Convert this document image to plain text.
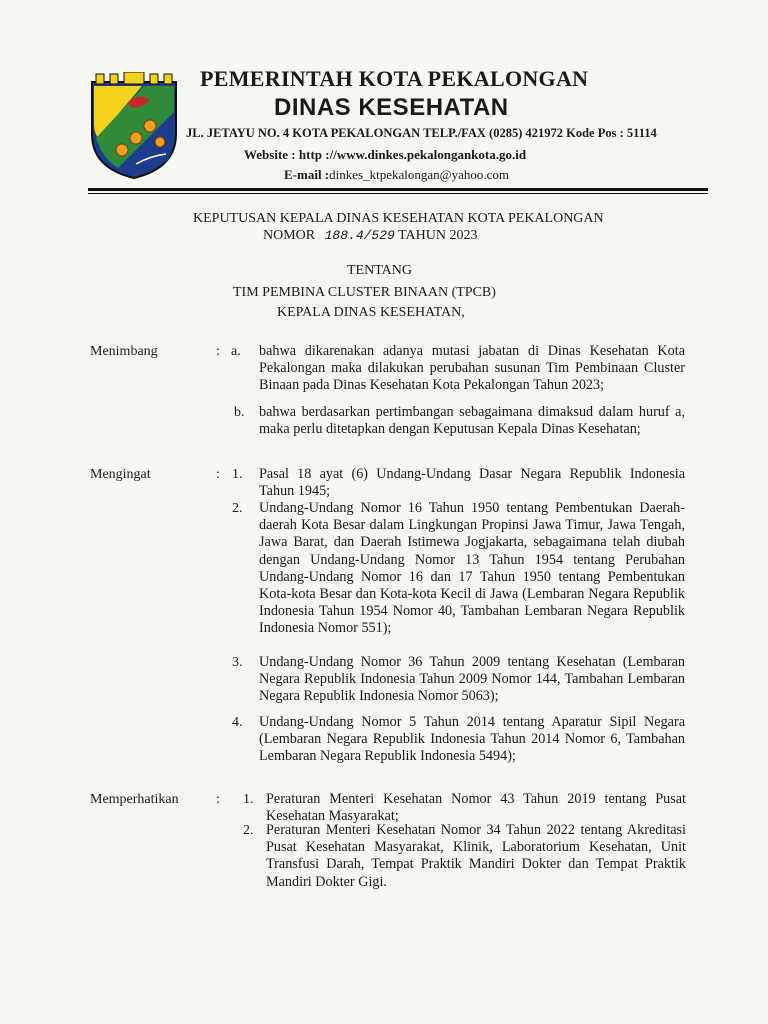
PEMERINTAH KOTA PEKALONGAN
DINAS KESEHATAN
JL. JETAYU NO. 4 KOTA PEKALONGAN TELP./FAX (0285) 421972 Kode Pos : 51114
Website : http ://www.dinkes.pekalongankota.go.id
E-mail :dinkes_ktpekalongan@yahoo.com
KEPUTUSAN KEPALA DINAS KESEHATAN KOTA PEKALONGAN
NOMOR 188.4/529 TAHUN 2023
TENTANG
TIM PEMBINA CLUSTER BINAAN (TPCB)
KEPALA DINAS KESEHATAN,
Menimbang	: a. bahwa dikarenakan adanya mutasi jabatan di Dinas Kesehatan Kota Pekalongan maka dilakukan perubahan susunan Tim Pembinaan Cluster Binaan pada Dinas Kesehatan Kota Pekalongan Tahun 2023;
b. bahwa berdasarkan pertimbangan sebagaimana dimaksud dalam huruf a, maka perlu ditetapkan dengan Keputusan Kepala Dinas Kesehatan;
Mengingat	: 1. Pasal 18 ayat (6) Undang-Undang Dasar Negara Republik Indonesia Tahun 1945;
2. Undang-Undang Nomor 16 Tahun 1950 tentang Pembentukan Daerah-daerah Kota Besar dalam Lingkungan Propinsi Jawa Timur, Jawa Tengah, Jawa Barat, dan Daerah Istimewa Jogjakarta, sebagaimana telah diubah dengan Undang-Undang Nomor 13 Tahun 1954 tentang Perubahan Undang-Undang Nomor 16 dan 17 Tahun 1950 tentang Pembentukan Kota-kota Besar dan Kota-kota Kecil di Jawa (Lembaran Negara Republik Indonesia Tahun 1954 Nomor 40, Tambahan Lembaran Negara Republik Indonesia Nomor 551);
3. Undang-Undang Nomor 36 Tahun 2009 tentang Kesehatan (Lembaran Negara Republik Indonesia Tahun 2009 Nomor 144, Tambahan Lembaran Negara Republik Indonesia Nomor 5063);
4. Undang-Undang Nomor 5 Tahun 2014 tentang Aparatur Sipil Negara (Lembaran Negara Republik Indonesia Tahun 2014 Nomor 6, Tambahan Lembaran Negara Republik Indonesia 5494);
Memperhatikan	: 1. Peraturan Menteri Kesehatan Nomor 43 Tahun 2019 tentang Pusat Kesehatan Masyarakat;
2. Peraturan Menteri Kesehatan Nomor 34 Tahun 2022 tentang Akreditasi Pusat Kesehatan Masyarakat, Klinik, Laboratorium Kesehatan, Unit Transfusi Darah, Tempat Praktik Mandiri Dokter dan Tempat Praktik Mandiri Dokter Gigi.
